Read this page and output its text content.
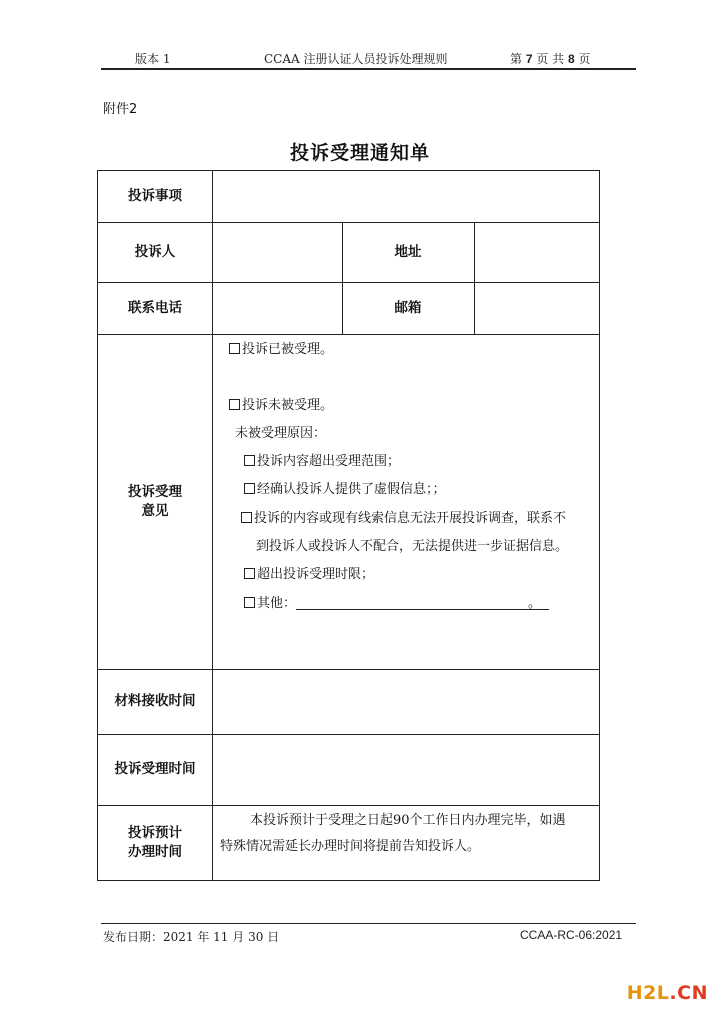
版本 1	CCAA 注册认证人员投诉处理规则	第 7 页 共 8 页
附件2
投诉受理通知单
投诉事项
投诉人	地址
联系电话	邮箱
投诉受理
意见
投诉已被受理。
投诉未被受理。
未被受理原因：
投诉内容超出受理范围；
经确认投诉人提供了虚假信息；；
投诉的内容或现有线索信息无法开展投诉调查，联系不
到投诉人或投诉人不配合，无法提供进一步证据信息。
超出投诉受理时限；
其他：	。
材料接收时间
投诉受理时间
投诉预计
办理时间
本投诉预计于受理之日起90个工作日内办理完毕，如遇
特殊情况需延长办理时间将提前告知投诉人。
发布日期：2021 年 11 月 30 日	CCAA-RC-06:2021
H2L.CN
